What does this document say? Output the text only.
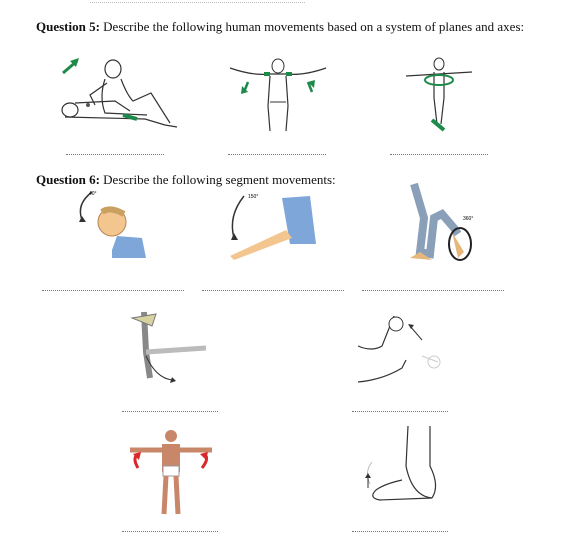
Question 5: Describe the following human movements based on a system of planes and axes:
Question 6: Describe the following segment movements:
40°	150°
360°
